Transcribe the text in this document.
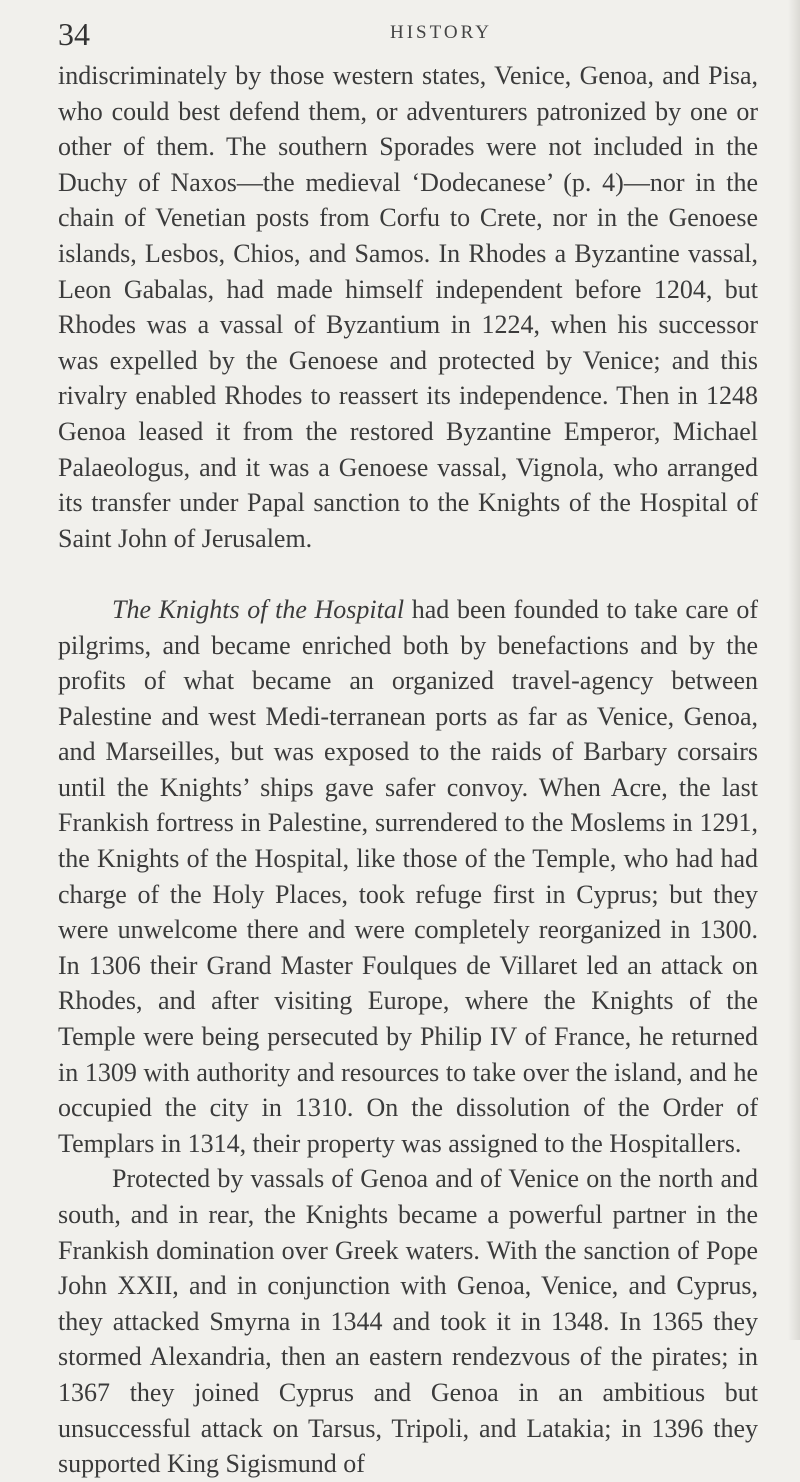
34	HISTORY

indiscriminately by those western states, Venice, Genoa, and Pisa, who could best defend them, or adventurers patronized by one or other of them. The southern Sporades were not included in the Duchy of Naxos—the medieval ‘Dodecanese’ (p. 4)—nor in the chain of Venetian posts from Corfu to Crete, nor in the Genoese islands, Lesbos, Chios, and Samos. In Rhodes a Byzantine vassal, Leon Gabalas, had made himself independent before 1204, but Rhodes was a vassal of Byzantium in 1224, when his successor was expelled by the Genoese and protected by Venice; and this rivalry enabled Rhodes to reassert its independence. Then in 1248 Genoa leased it from the restored Byzantine Emperor, Michael Palaeologus, and it was a Genoese vassal, Vignola, who arranged its transfer under Papal sanction to the Knights of the Hospital of Saint John of Jerusalem.

The Knights of the Hospital had been founded to take care of pilgrims, and became enriched both by benefactions and by the profits of what became an organized travel-agency between Palestine and west Medi-terranean ports as far as Venice, Genoa, and Marseilles, but was exposed to the raids of Barbary corsairs until the Knights’ ships gave safer convoy. When Acre, the last Frankish fortress in Palestine, surrendered to the Moslems in 1291, the Knights of the Hospital, like those of the Temple, who had had charge of the Holy Places, took refuge first in Cyprus; but they were unwelcome there and were completely reorganized in 1300. In 1306 their Grand Master Foulques de Villaret led an attack on Rhodes, and after visiting Europe, where the Knights of the Temple were being persecuted by Philip IV of France, he returned in 1309 with authority and resources to take over the island, and he occupied the city in 1310. On the dissolution of the Order of Templars in 1314, their property was assigned to the Hospitallers.

Protected by vassals of Genoa and of Venice on the north and south, and in rear, the Knights became a powerful partner in the Frankish domination over Greek waters. With the sanction of Pope John XXII, and in conjunction with Genoa, Venice, and Cyprus, they attacked Smyrna in 1344 and took it in 1348. In 1365 they stormed Alexandria, then an eastern rendezvous of the pirates; in 1367 they joined Cyprus and Genoa in an ambitious but unsuccessful attack on Tarsus, Tripoli, and Latakia; in 1396 they supported King Sigismund of
